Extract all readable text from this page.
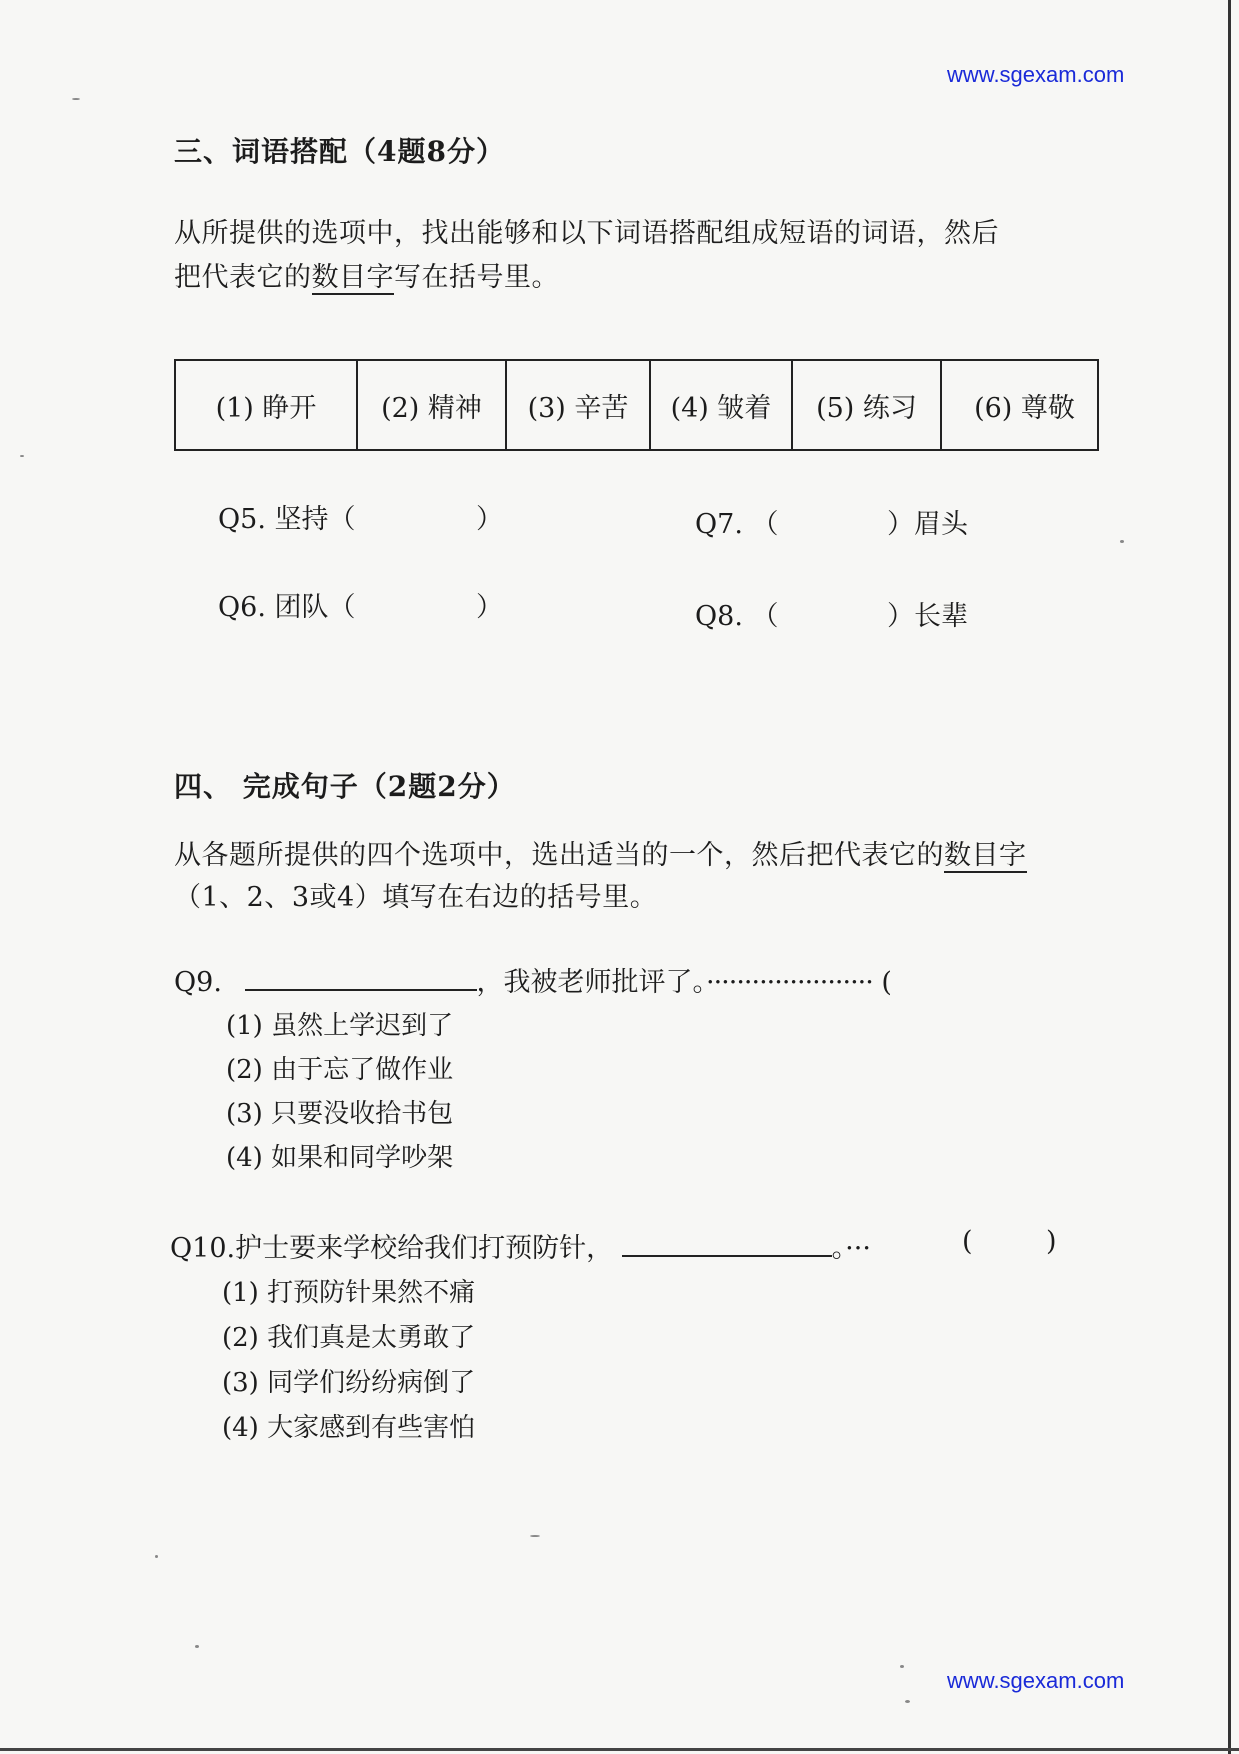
www.sgexam.com
三、词语搭配（4题8分）
从所提供的选项中，找出能够和以下词语搭配组成短语的词语，然后
把代表它的数目字写在括号里。
(1) 睁开	(2) 精神	(3) 辛苦	(4) 皱着	(5) 练习	(6) 尊敬
Q5. 坚持（	）
Q6. 团队（	）
Q7. （	）眉头
Q8. （	）长辈
四、 完成句子（2题2分）
从各题所提供的四个选项中，选出适当的一个，然后把代表它的数目字
（1、2、3或4）填写在右边的括号里。
Q9.	，我被老师批评了。······················ (
(1) 虽然上学迟到了
(2) 由于忘了做作业
(3) 只要没收拾书包
(4) 如果和同学吵架
Q10.护士要来学校给我们打预防针，	。···	(	)
(1) 打预防针果然不痛
(2) 我们真是太勇敢了
(3) 同学们纷纷病倒了
(4) 大家感到有些害怕
www.sgexam.com
